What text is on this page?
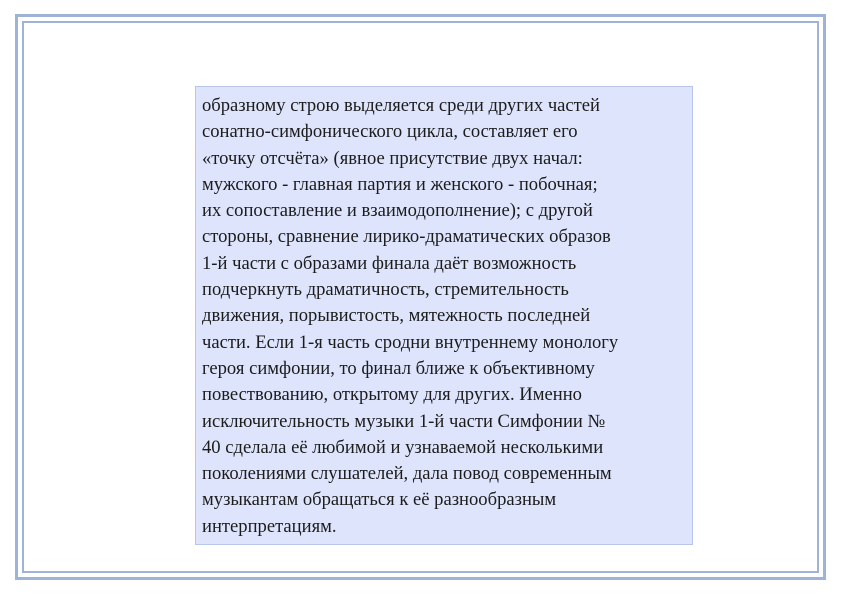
образному строю выделяется среди других частей
сонатно-симфонического цикла, составляет его
«точку отсчёта» (явное присутствие двух начал:
мужского - главная партия и женского - побочная;
их сопоставление и взаимодополнение); с другой
стороны, сравнение лирико-драматических образов
1-й части с образами финала даёт возможность
подчеркнуть драматичность, стремительность
движения, порывистость, мятежность последней
части. Если 1-я часть сродни внутреннему монологу
героя симфонии, то финал ближе к объективному
повествованию, открытому для других. Именно
исключительность музыки 1-й части Симфонии №
40 сделала её любимой и узнаваемой несколькими
поколениями слушателей, дала повод современным
музыкантам обращаться к её разнообразным
интерпретациям.
